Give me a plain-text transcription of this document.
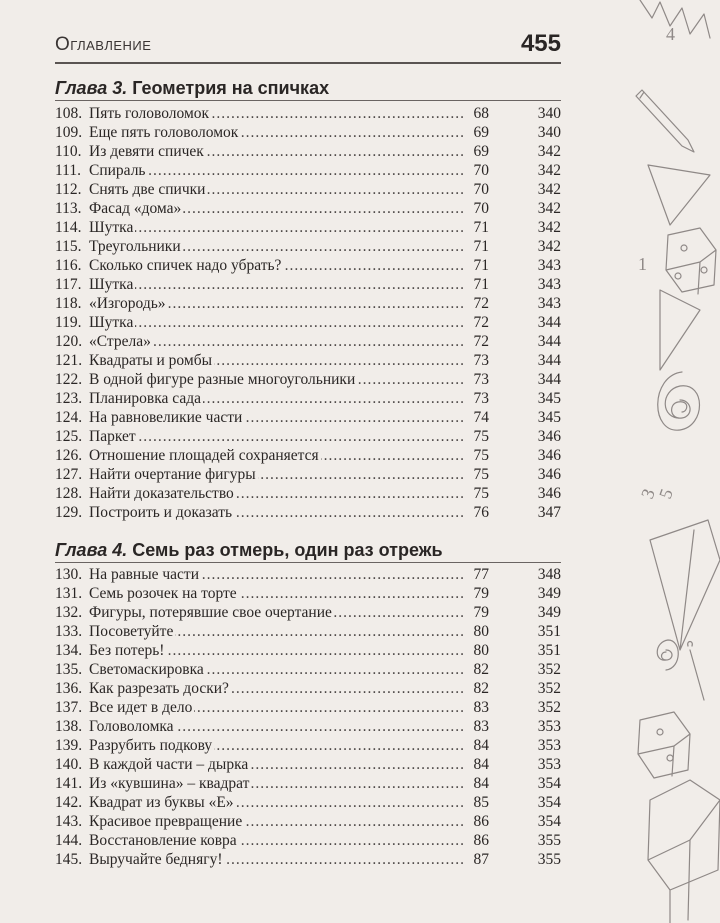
Оглавление	455
Глава 3. Геометрия на спичках
.....
108. Пять головоломок	68	340
.....
109. Еще пять головоломок	69	340
.....
110. Из девяти спичек	69	342
.....
111. Спираль	70	342
.....
112. Снять две спички	70	342
.....
113. Фасад «дома»	70	342
.....
114. Шутка	71	342
.....
115. Треугольники	71	342
.....
116. Сколько спичек надо убрать?	71	343
.....
117. Шутка	71	343
.....
118. «Изгородь»	72	343
.....
119. Шутка	72	344
.....
120. «Стрела»	72	344
.....
121. Квадраты и ромбы	73	344
.....
122. В одной фигуре разные многоугольники	73	344
.....
123. Планировка сада	73	345
.....
124. На равновеликие части	74	345
.....
125. Паркет	75	346
.....
126. Отношение площадей сохраняется	75	346
.....
127. Найти очертание фигуры	75	346
.....
128. Найти доказательство	75	346
.....
129. Построить и доказать	76	347
Глава 4. Семь раз отмерь, один раз отрежь
.....
130. На равные части	77	348
.....
131. Семь розочек на торте	79	349
.....
132. Фигуры, потерявшие свое очертание	79	349
.....
133. Посоветуйте	80	351
.....
134. Без потерь!	80	351
.....
135. Светомаскировка	82	352
.....
136. Как разрезать доски?	82	352
.....
137. Все идет в дело	83	352
.....
138. Головоломка	83	353
.....
139. Разрубить подкову	84	353
.....
140. В каждой части – дырка	84	353
.....
141. Из «кувшина» – квадрат	84	354
.....
142. Квадрат из буквы «Е»	85	354
.....
143. Красивое превращение	86	354
.....
144. Восстановление ковра	86	355
.....
145. Выручайте беднягу!	87	355
4
1
3
5
